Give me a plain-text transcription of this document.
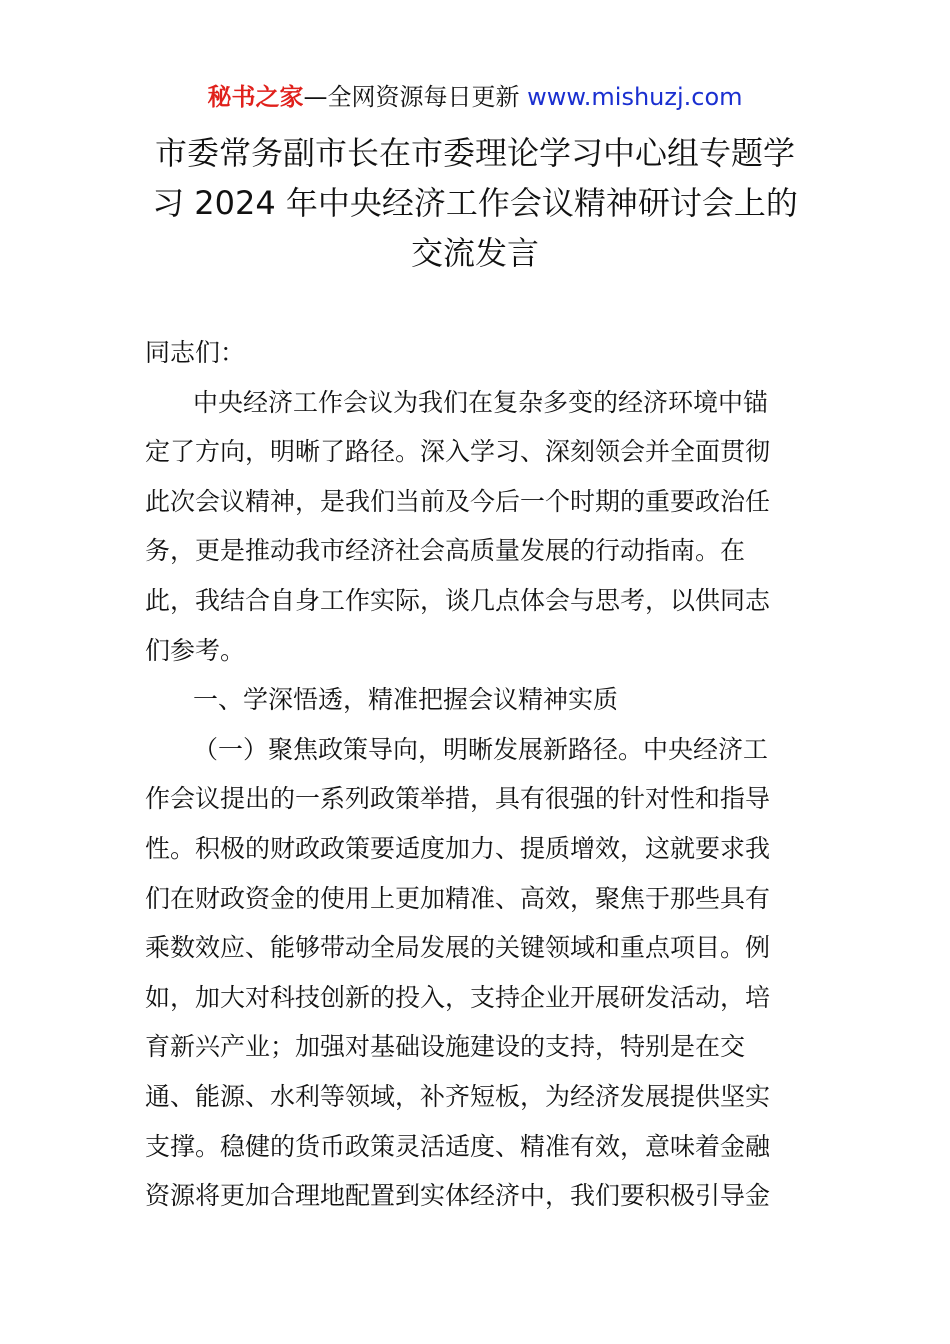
秘书之家—全网资源每日更新 www.mishuzj.com
市委常务副市长在市委理论学习中心组专题学
习 2024 年中央经济工作会议精神研讨会上的
交流发言
同志们：
中央经济工作会议为我们在复杂多变的经济环境中锚
定了方向，明晰了路径。深入学习、深刻领会并全面贯彻
此次会议精神，是我们当前及今后一个时期的重要政治任
务，更是推动我市经济社会高质量发展的行动指南。在
此，我结合自身工作实际，谈几点体会与思考，以供同志
们参考。
一、学深悟透，精准把握会议精神实质
（一）聚焦政策导向，明晰发展新路径。中央经济工
作会议提出的一系列政策举措，具有很强的针对性和指导
性。积极的财政政策要适度加力、提质增效，这就要求我
们在财政资金的使用上更加精准、高效，聚焦于那些具有
乘数效应、能够带动全局发展的关键领域和重点项目。例
如，加大对科技创新的投入，支持企业开展研发活动，培
育新兴产业；加强对基础设施建设的支持，特别是在交
通、能源、水利等领域，补齐短板，为经济发展提供坚实
支撑。稳健的货币政策灵活适度、精准有效，意味着金融
资源将更加合理地配置到实体经济中，我们要积极引导金
